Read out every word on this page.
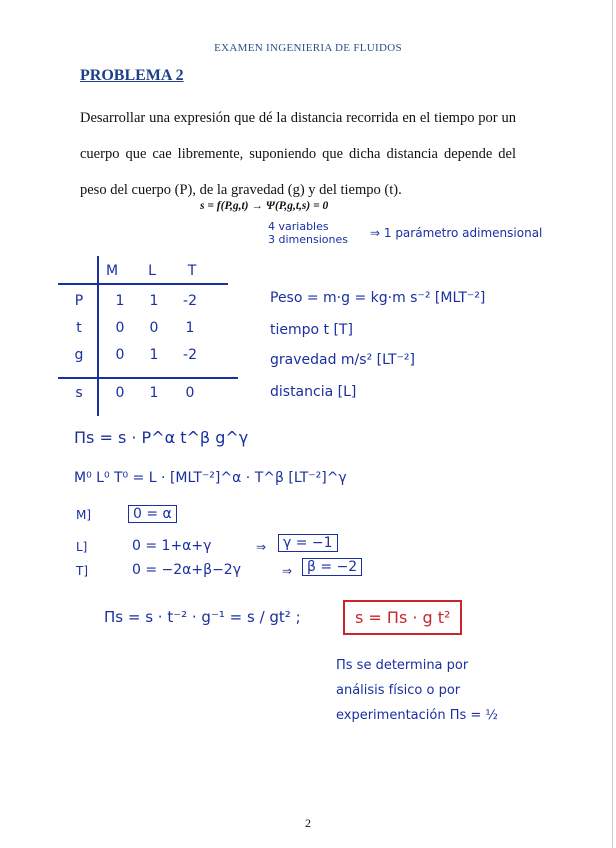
EXAMEN INGENIERIA DE FLUIDOS
PROBLEMA 2
Desarrollar una expresión que dé la distancia recorrida en el tiempo por un cuerpo que cae libremente, suponiendo que dicha distancia depende del peso del cuerpo (P), de la gravedad (g) y del tiempo (t).
s = f(P,g,t) → Ψ(P,g,t,s) = 0
4 variables
3 dimensiones ⇒ 1 parámetro adimensional
M	L	T
P	1	1	-2
t	0	0	1
g	0	1	-2
s	0	1	0
Peso = m·g = kg·m s⁻² [MLT⁻²]
tiempo t [T]
gravedad m/s² [LT⁻²]
distancia [L]
Πs = s · P^α t^β g^γ
M⁰ L⁰ T⁰ = L · [MLT⁻²]^α · T^β [LT⁻²]^γ
M]	0 = α
L]	0 = 1+α+γ	⇒	γ = −1
T]	0 = −2α+β−2γ	⇒	β = −2
Πs = s · t⁻² · g⁻¹ = s / gt² ;	s = Πs · g t²
Πs se determina por
análisis físico o por
experimentación Πs = ½
2
